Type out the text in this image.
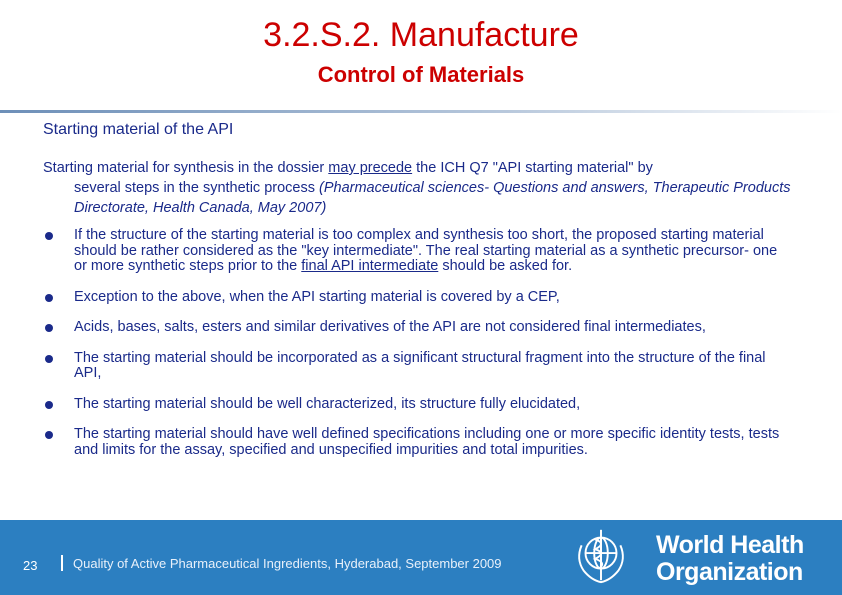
3.2.S.2. Manufacture
Control of Materials
Starting material of the API

Starting material for synthesis in the dossier may precede the ICH Q7 "API starting material" by
several steps in the synthetic process (Pharmaceutical sciences- Questions and answers, Therapeutic Products Directorate, Health Canada, May 2007)

If the structure of the starting material is too complex and synthesis too short, the proposed starting material should be rather considered as the "key intermediate". The real starting material as a synthetic precursor- one or more synthetic steps prior to the final API intermediate should be asked for.
Exception to the above, when the API starting material is covered by a CEP,
Acids, bases, salts, esters and similar derivatives of the API are not considered final intermediates,
The starting material should be incorporated as a significant structural fragment into the structure of the final API,
The starting material should be well characterized, its structure fully elucidated,
The starting material should have well defined specifications including one or more specific identity tests, tests and limits for the assay, specified and unspecified impurities and total impurities.
23	Quality of Active Pharmaceutical Ingredients, Hyderabad, September 2009
World Health
Organization
